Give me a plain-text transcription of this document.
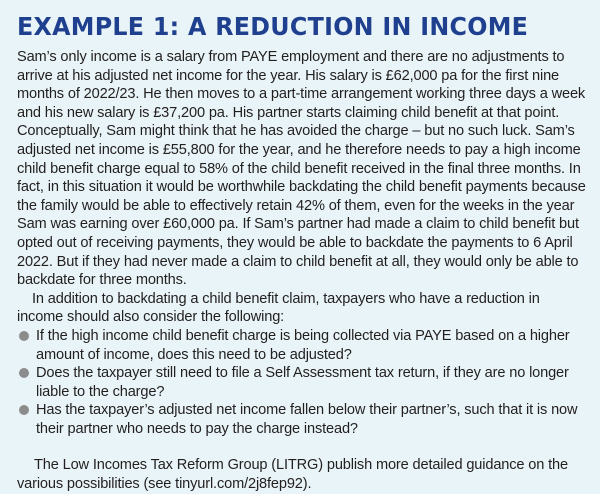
EXAMPLE 1: A REDUCTION IN INCOME

Sam’s only income is a salary from PAYE employment and there are no adjustments to arrive at his adjusted net income for the year. His salary is £62,000 pa for the first nine months of 2022/23. He then moves to a part-time arrangement working three days a week and his new salary is £37,200 pa. His partner starts claiming child benefit at that point. Conceptually, Sam might think that he has avoided the charge – but no such luck. Sam’s adjusted net income is £55,800 for the year, and he therefore needs to pay a high income child benefit charge equal to 58% of the child benefit received in the final three months. In fact, in this situation it would be worthwhile backdating the child benefit payments because the family would be able to effectively retain 42% of them, even for the weeks in the year Sam was earning over £60,000 pa. If Sam’s partner had made a claim to child benefit but opted out of receiving payments, they would be able to backdate the payments to 6 April 2022. But if they had never made a claim to child benefit at all, they would only be able to backdate for three months.

In addition to backdating a child benefit claim, taxpayers who have a reduction in income should also consider the following:

If the high income child benefit charge is being collected via PAYE based on a higher amount of income, does this need to be adjusted?
Does the taxpayer still need to file a Self Assessment tax return, if they are no longer liable to the charge?
Has the taxpayer’s adjusted net income fallen below their partner’s, such that it is now their partner who needs to pay the charge instead?

The Low Incomes Tax Reform Group (LITRG) publish more detailed guidance on the various possibilities (see tinyurl.com/2j8fep92).
